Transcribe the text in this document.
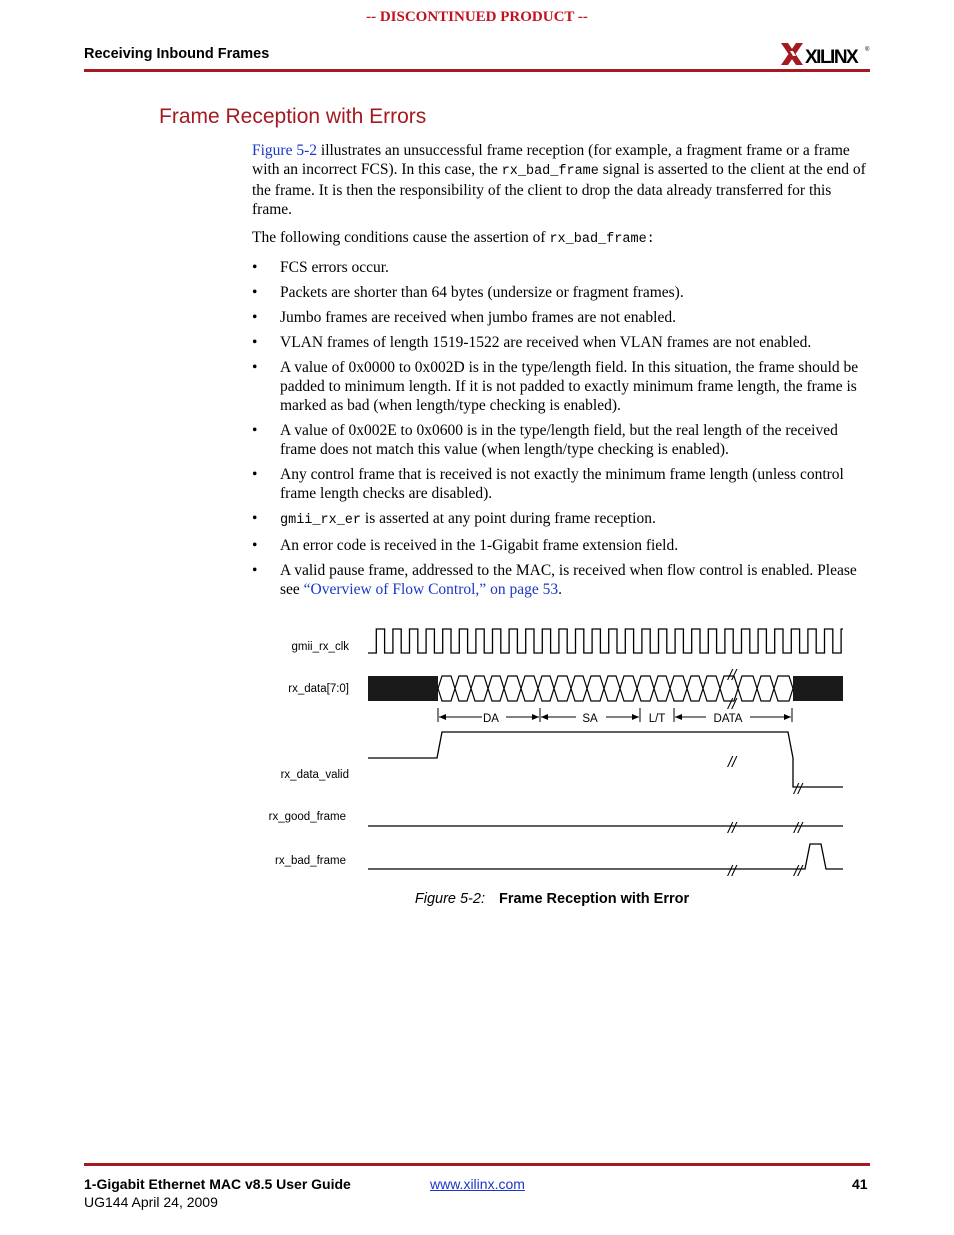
-- DISCONTINUED PRODUCT --
Receiving Inbound Frames	XILINX	®
Frame Reception with Errors

Figure 5-2 illustrates an unsuccessful frame reception (for example, a fragment frame or a frame with an incorrect FCS). In this case, the rx_bad_frame signal is asserted to the client at the end of the frame. It is then the responsibility of the client to drop the data already transferred for this frame.

The following conditions cause the assertion of rx_bad_frame:

• FCS errors occur.
• Packets are shorter than 64 bytes (undersize or fragment frames).
• Jumbo frames are received when jumbo frames are not enabled.
• VLAN frames of length 1519-1522 are received when VLAN frames are not enabled.
• A value of 0x0000 to 0x002D is in the type/length field. In this situation, the frame should be padded to minimum length. If it is not padded to exactly minimum frame length, the frame is marked as bad (when length/type checking is enabled).
• A value of 0x002E to 0x0600 is in the type/length field, but the real length of the received frame does not match this value (when length/type checking is enabled).
• Any control frame that is received is not exactly the minimum frame length (unless control frame length checks are disabled).
• gmii_rx_er is asserted at any point during frame reception.
• An error code is received in the 1-Gigabit frame extension field.
• A valid pause frame, addressed to the MAC, is received when flow control is enabled. Please see “Overview of Flow Control,” on page 53.
gmii_rx_clk
rx_data[7:0]
rx_data_valid
rx_good_frame
rx_bad_frame
DA	SA	L/T	DATA
//
//
//
//
//	//
//	//
Figure 5-2: Frame Reception with Error
1-Gigabit Ethernet MAC v8.5 User Guide
UG144 April 24, 2009
www.xilinx.com	41
